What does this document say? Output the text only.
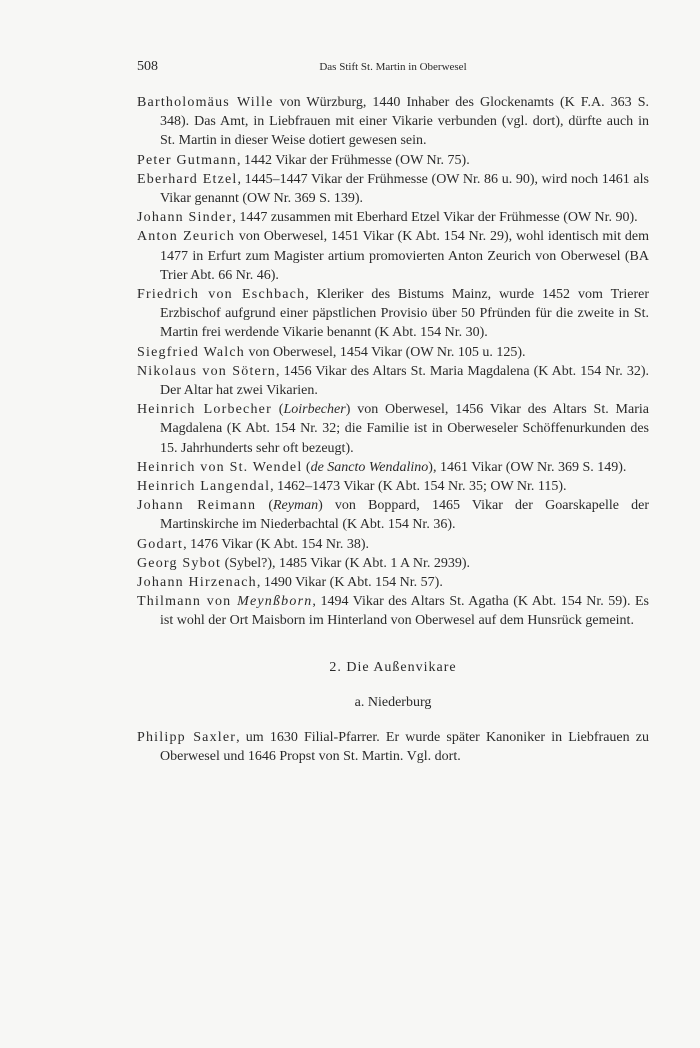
508	Das Stift St. Martin in Oberwesel

Bartholomäus Wille von Würzburg, 1440 Inhaber des Glockenamts (K F.A. 363 S. 348). Das Amt, in Liebfrauen mit einer Vikarie verbunden (vgl. dort), dürfte auch in St. Martin in dieser Weise dotiert gewesen sein.

Peter Gutmann, 1442 Vikar der Frühmesse (OW Nr. 75).

Eberhard Etzel, 1445–1447 Vikar der Frühmesse (OW Nr. 86 u. 90), wird noch 1461 als Vikar genannt (OW Nr. 369 S. 139).

Johann Sinder, 1447 zusammen mit Eberhard Etzel Vikar der Frühmesse (OW Nr. 90).

Anton Zeurich von Oberwesel, 1451 Vikar (K Abt. 154 Nr. 29), wohl identisch mit dem 1477 in Erfurt zum Magister artium promovierten Anton Zeurich von Oberwesel (BA Trier Abt. 66 Nr. 46).

Friedrich von Eschbach, Kleriker des Bistums Mainz, wurde 1452 vom Trierer Erzbischof aufgrund einer päpstlichen Provisio über 50 Pfründen für die zweite in St. Martin frei werdende Vikarie benannt (K Abt. 154 Nr. 30).

Siegfried Walch von Oberwesel, 1454 Vikar (OW Nr. 105 u. 125).

Nikolaus von Sötern, 1456 Vikar des Altars St. Maria Magdalena (K Abt. 154 Nr. 32). Der Altar hat zwei Vikarien.

Heinrich Lorbecher (Loirbecher) von Oberwesel, 1456 Vikar des Altars St. Maria Magdalena (K Abt. 154 Nr. 32; die Familie ist in Oberweseler Schöffenurkunden des 15. Jahrhunderts sehr oft bezeugt).

Heinrich von St. Wendel (de Sancto Wendalino), 1461 Vikar (OW Nr. 369 S. 149).

Heinrich Langendal, 1462–1473 Vikar (K Abt. 154 Nr. 35; OW Nr. 115).

Johann Reimann (Reyman) von Boppard, 1465 Vikar der Goarskapelle der Martinskirche im Niederbachtal (K Abt. 154 Nr. 36).

Godart, 1476 Vikar (K Abt. 154 Nr. 38).

Georg Sybot (Sybel?), 1485 Vikar (K Abt. 1 A Nr. 2939).

Johann Hirzenach, 1490 Vikar (K Abt. 154 Nr. 57).

Thilmann von Meynßborn, 1494 Vikar des Altars St. Agatha (K Abt. 154 Nr. 59). Es ist wohl der Ort Maisborn im Hinterland von Oberwesel auf dem Hunsrück gemeint.

2. Die Außenvikare
a. Niederburg

Philipp Saxler, um 1630 Filial-Pfarrer. Er wurde später Kanoniker in Liebfrauen zu Oberwesel und 1646 Propst von St. Martin. Vgl. dort.
